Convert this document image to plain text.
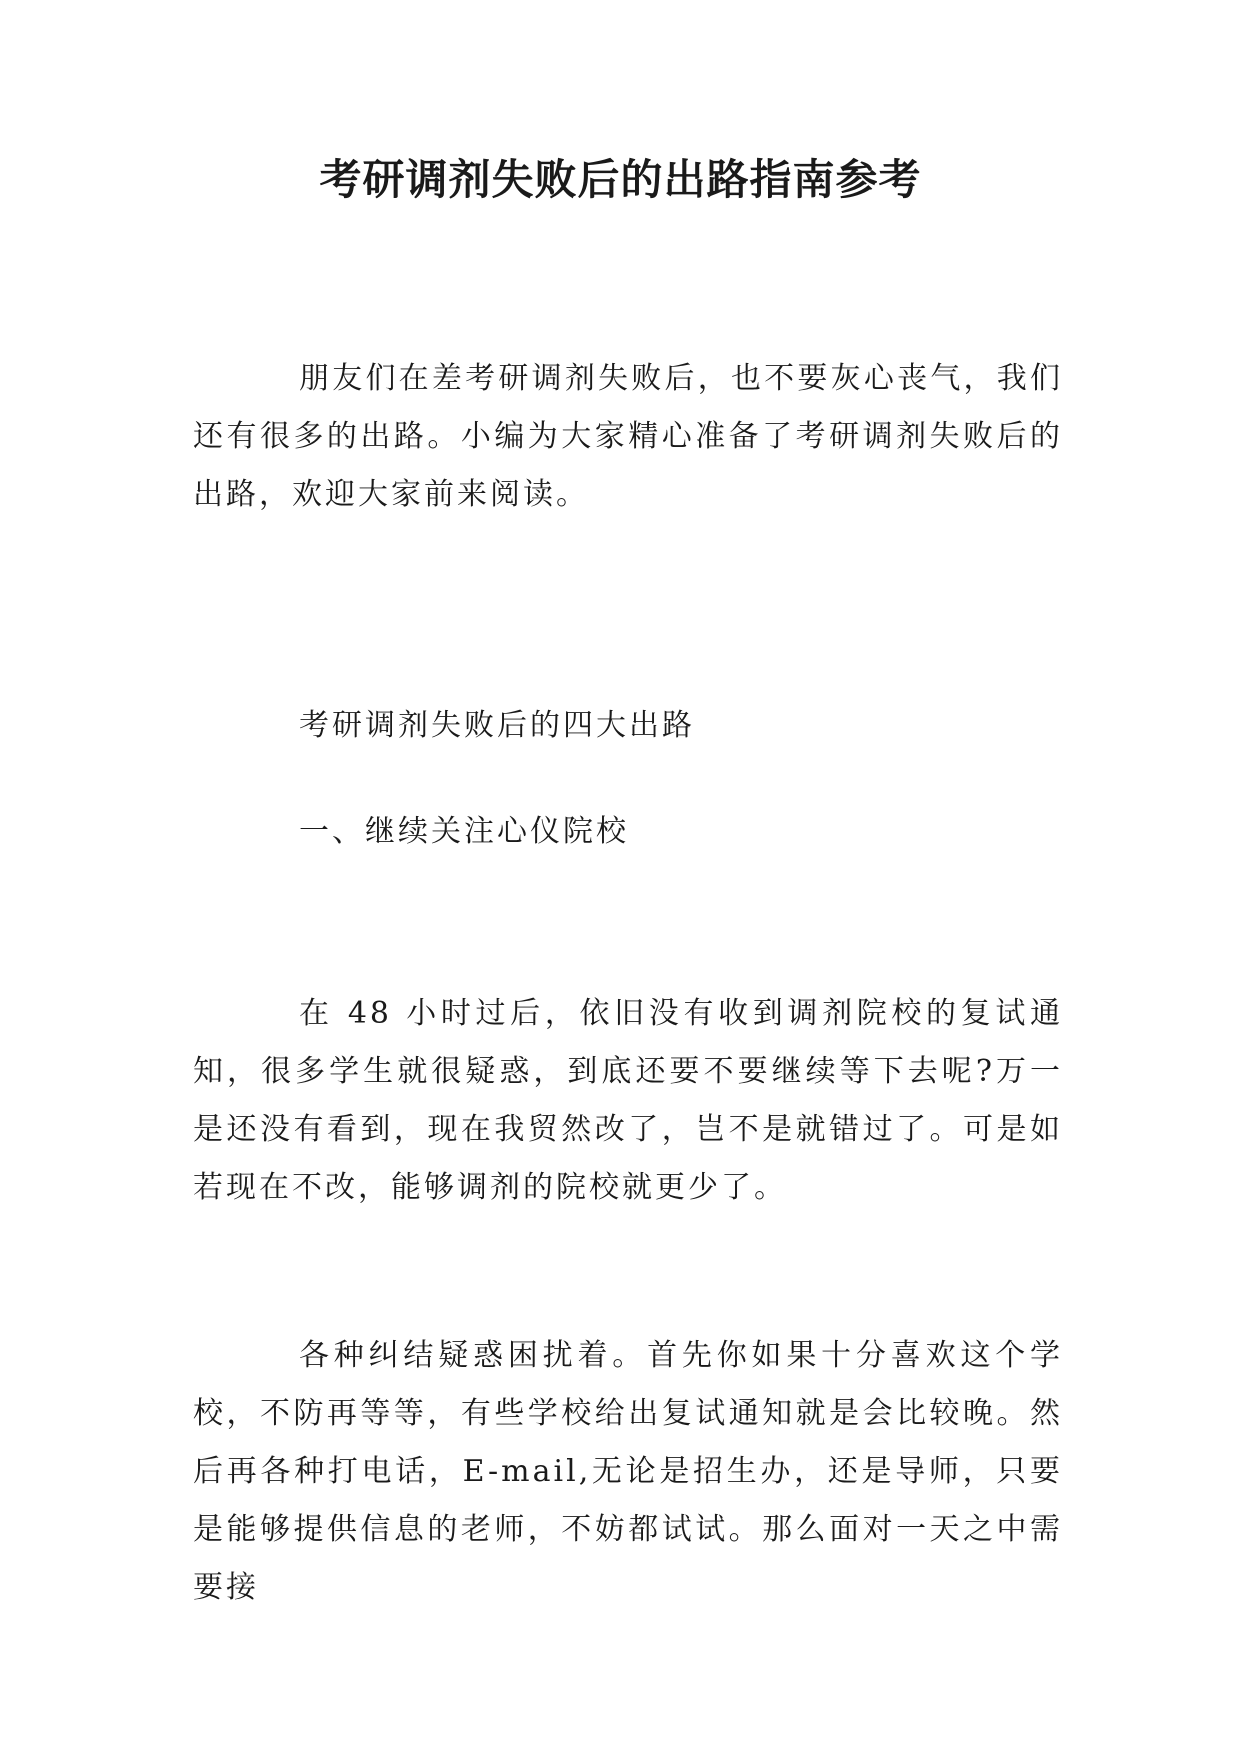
考研调剂失败后的出路指南参考

朋友们在差考研调剂失败后，也不要灰心丧气，我们还有很多的出路。小编为大家精心准备了考研调剂失败后的出路，欢迎大家前来阅读。

考研调剂失败后的四大出路

一、继续关注心仪院校

在 48 小时过后，依旧没有收到调剂院校的复试通知，很多学生就很疑惑，到底还要不要继续等下去呢?万一是还没有看到，现在我贸然改了，岂不是就错过了。可是如若现在不改，能够调剂的院校就更少了。

各种纠结疑惑困扰着。首先你如果十分喜欢这个学校，不防再等等，有些学校给出复试通知就是会比较晚。然后再各种打电话，E-mail,无论是招生办，还是导师，只要是能够提供信息的老师，不妨都试试。那么面对一天之中需要接
